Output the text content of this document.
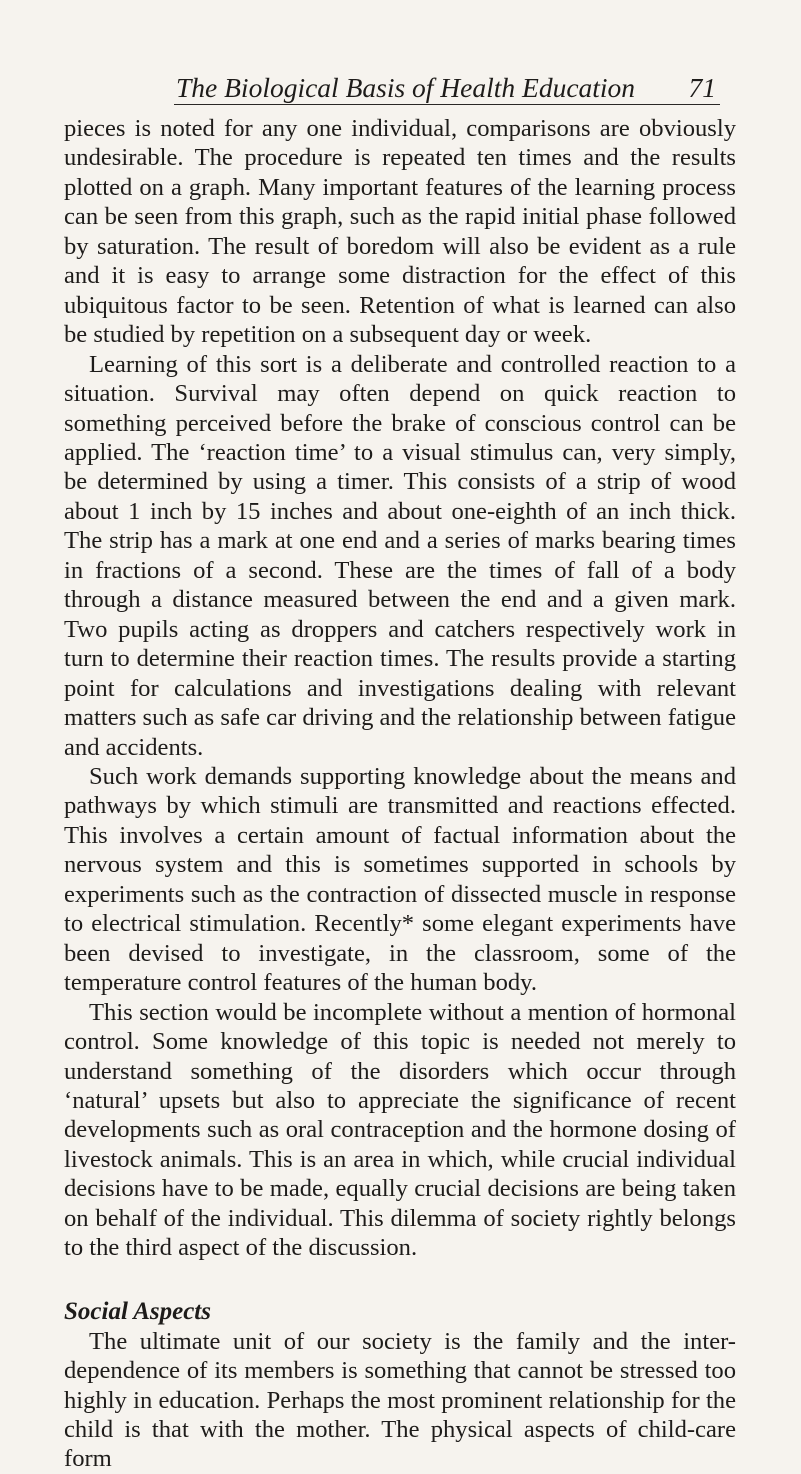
The Biological Basis of Health Education 71

pieces is noted for any one individual, comparisons are obviously undesirable. The procedure is repeated ten times and the results plotted on a graph. Many important features of the learning process can be seen from this graph, such as the rapid initial phase followed by saturation. The result of boredom will also be evident as a rule and it is easy to arrange some distraction for the effect of this ubiquitous factor to be seen. Retention of what is learned can also be studied by repetition on a subsequent day or week.

Learning of this sort is a deliberate and controlled reaction to a situation. Survival may often depend on quick reaction to something perceived before the brake of conscious control can be applied. The ‘reaction time’ to a visual stimulus can, very simply, be determined by using a timer. This consists of a strip of wood about 1 inch by 15 inches and about one-eighth of an inch thick. The strip has a mark at one end and a series of marks bearing times in fractions of a second. These are the times of fall of a body through a distance measured between the end and a given mark. Two pupils acting as droppers and catchers respectively work in turn to determine their reaction times. The results provide a starting point for calculations and investigations dealing with relevant matters such as safe car driving and the relationship between fatigue and accidents.

Such work demands supporting knowledge about the means and pathways by which stimuli are transmitted and reactions effected. This involves a certain amount of factual information about the nervous system and this is sometimes supported in schools by experiments such as the contraction of dissected muscle in response to electrical stimulation. Recently* some elegant experiments have been devised to investigate, in the classroom, some of the temperature control features of the human body.

This section would be incomplete without a mention of hormonal control. Some knowledge of this topic is needed not merely to understand something of the disorders which occur through ‘natural’ upsets but also to appreciate the significance of recent developments such as oral contraception and the hormone dosing of livestock animals. This is an area in which, while crucial individual decisions have to be made, equally crucial decisions are being taken on behalf of the individual. This dilemma of society rightly belongs to the third aspect of the discussion.

Social Aspects

The ultimate unit of our society is the family and the inter-dependence of its members is something that cannot be stressed too highly in education. Perhaps the most prominent relationship for the child is that with the mother. The physical aspects of child-care form
